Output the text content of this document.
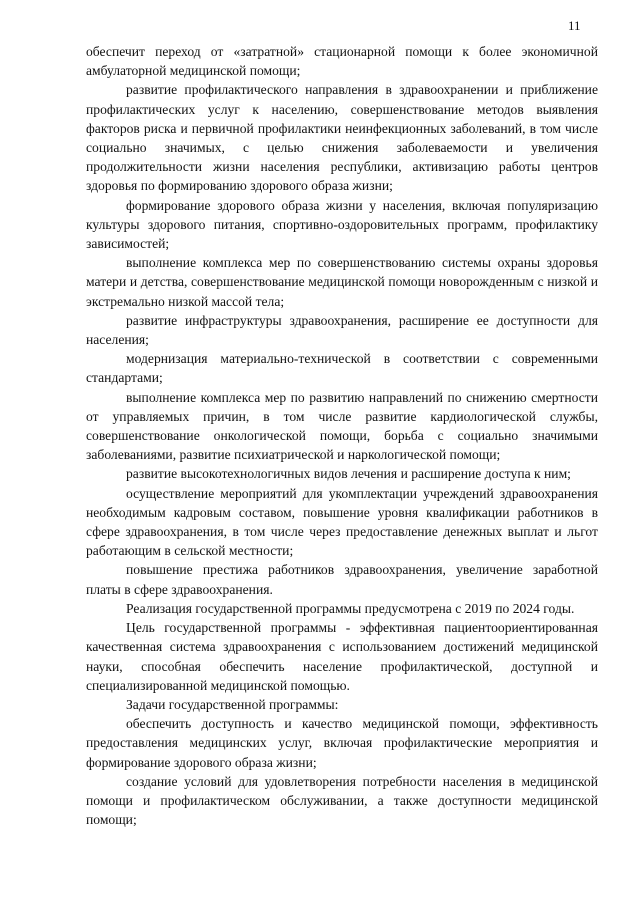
11

обеспечит переход от «затратной» стационарной помощи к более экономичной амбулаторной медицинской помощи;

развитие профилактического направления в здравоохранении и приближение профилактических услуг к населению, совершенствование методов выявления факторов риска и первичной профилактики неинфекционных заболеваний, в том числе социально значимых, с целью снижения заболеваемости и увеличения продолжительности жизни населения республики, активизацию работы центров здоровья по формированию здорового образа жизни;

формирование здорового образа жизни у населения, включая популяризацию культуры здорового питания, спортивно-оздоровительных программ, профилактику зависимостей;

выполнение комплекса мер по совершенствованию системы охраны здоровья матери и детства, совершенствование медицинской помощи новорожденным с низкой и экстремально низкой массой тела;

развитие инфраструктуры здравоохранения, расширение ее доступности для населения;

модернизация материально-технической в соответствии с современными стандартами;

выполнение комплекса мер по развитию направлений по снижению смертности от управляемых причин, в том числе развитие кардиологической службы, совершенствование онкологической помощи, борьба с социально значимыми заболеваниями, развитие психиатрической и наркологической помощи;

развитие высокотехнологичных видов лечения и расширение доступа к ним;

осуществление мероприятий для укомплектации учреждений здравоохранения необходимым кадровым составом, повышение уровня квалификации работников в сфере здравоохранения, в том числе через предоставление денежных выплат и льгот работающим в сельской местности;

повышение престижа работников здравоохранения, увеличение заработной платы в сфере здравоохранения.

Реализация государственной программы предусмотрена с 2019 по 2024 годы.

Цель государственной программы - эффективная пациентоориентированная качественная система здравоохранения с использованием достижений медицинской науки, способная обеспечить население профилактической, доступной и специализированной медицинской помощью.

Задачи государственной программы:

обеспечить доступность и качество медицинской помощи, эффективность предоставления медицинских услуг, включая профилактические мероприятия и формирование здорового образа жизни;

создание условий для удовлетворения потребности населения в медицинской помощи и профилактическом обслуживании, а также доступности медицинской помощи;
